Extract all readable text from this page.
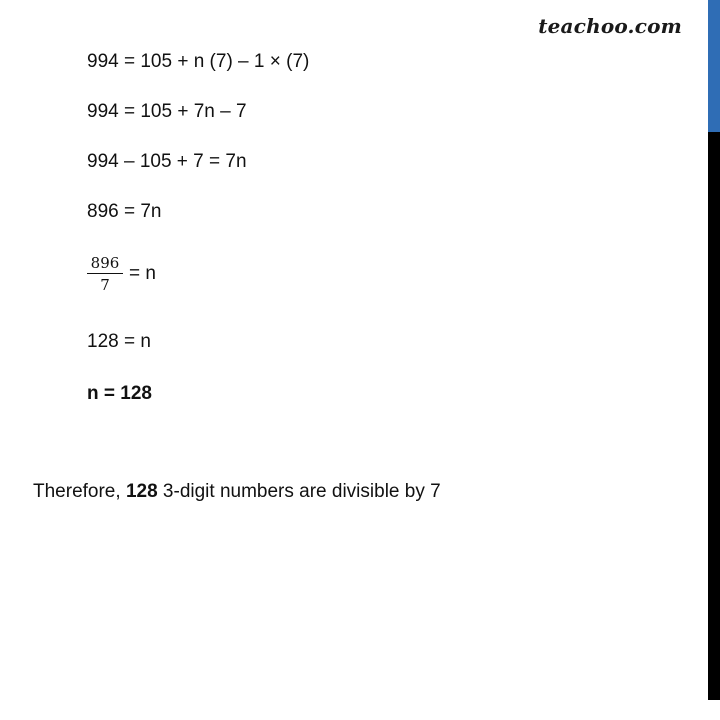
teachoo.com
994 = 105 + n (7) – 1 × (7)
994 = 105 + 7n – 7
994 – 105 + 7 = 7n
896 = 7n
$\frac{896}{7} = n$
128 = n
n = 128
Therefore, 128 3-digit numbers are divisible by 7
